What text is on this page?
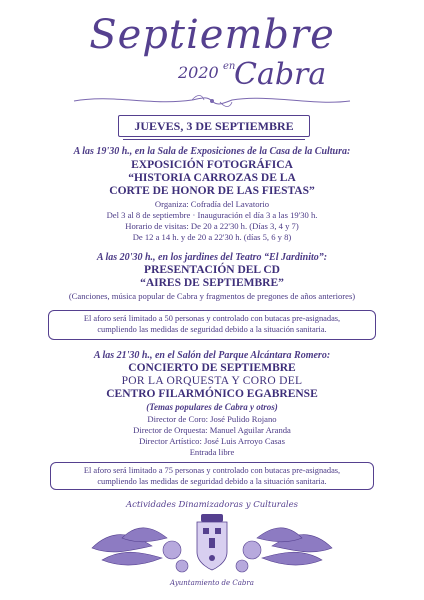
Septiembre
2020 en
Cabra
JUEVES, 3 DE SEPTIEMBRE
A las 19'30 h., en la Sala de Exposiciones de la Casa de la Cultura:
EXPOSICIÓN FOTOGRÁFICA
“HISTORIA CARROZAS DE LA
CORTE DE HONOR DE LAS FIESTAS”
Organiza: Cofradía del Lavatorio
Del 3 al 8 de septiembre · Inauguración el día 3 a las 19'30 h.
Horario de visitas: De 20 a 22'30 h. (Días 3, 4 y 7)
De 12 a 14 h. y de 20 a 22'30 h. (días 5, 6 y 8)
A las 20'30 h., en los jardines del Teatro “El Jardinito”:
PRESENTACIÓN DEL CD
“AIRES DE SEPTIEMBRE”
(Canciones, música popular de Cabra y fragmentos de pregones de años anteriores)
El aforo será limitado a 50 personas y controlado con butacas pre-asignadas,
cumpliendo las medidas de seguridad debido a la situación sanitaria.
A las 21'30 h., en el Salón del Parque Alcántara Romero:
CONCIERTO DE SEPTIEMBRE
POR LA ORQUESTA Y CORO DEL
CENTRO FILARMÓNICO EGABRENSE
(Temas populares de Cabra y otros)
Director de Coro: José Pulido Rojano
Director de Orquesta: Manuel Aguilar Aranda
Director Artístico: José Luis Arroyo Casas
Entrada libre
El aforo será limitado a 75 personas y controlado con butacas pre-asignadas,
cumpliendo las medidas de seguridad debido a la situación sanitaria.
Actividades Dinamizadoras y Culturales
Ayuntamiento de Cabra
